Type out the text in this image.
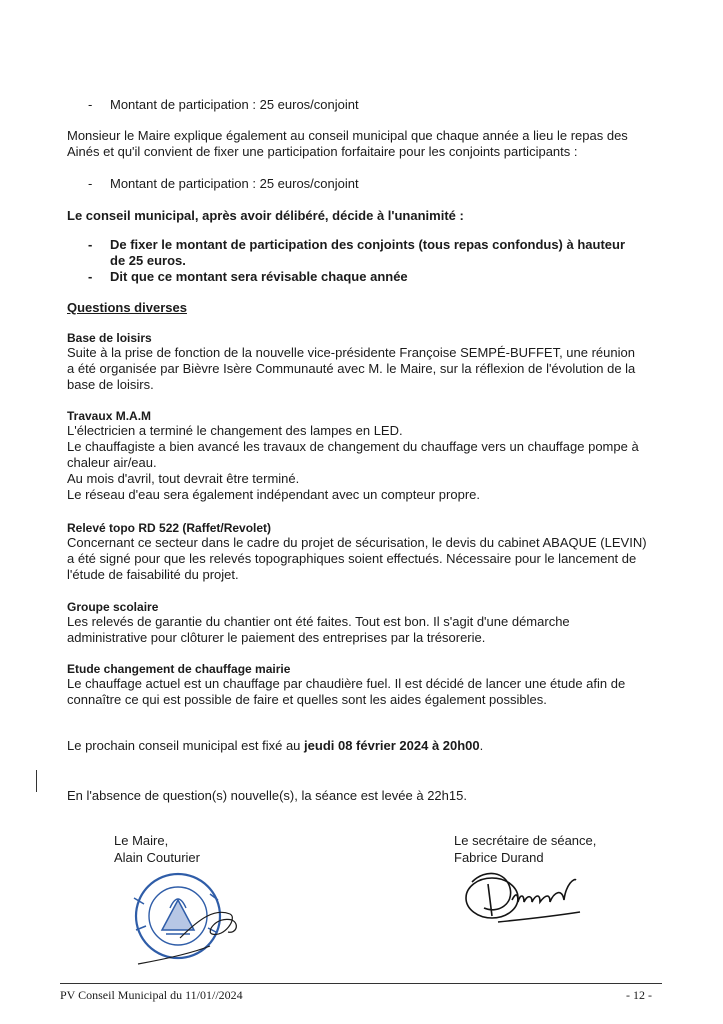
- Montant de participation : 25 euros/conjoint
Monsieur le Maire explique également au conseil municipal que chaque année a lieu le repas des
Ainés et qu'il convient de fixer une participation forfaitaire pour les conjoints participants :
- Montant de participation : 25 euros/conjoint
Le conseil municipal, après avoir délibéré, décide à l'unanimité :
- De fixer le montant de participation des conjoints (tous repas confondus) à hauteur
de 25 euros.
- Dit que ce montant sera révisable chaque année
Questions diverses
Base de loisirs
Suite à la prise de fonction de la nouvelle vice-présidente Françoise SEMPÉ-BUFFET, une réunion
a été organisée par Bièvre Isère Communauté avec M. le Maire, sur la réflexion de l'évolution de la
base de loisirs.
Travaux M.A.M
L'électricien a terminé le changement des lampes en LED.
Le chauffagiste a bien avancé les travaux de changement du chauffage vers un chauffage pompe à
chaleur air/eau.
Au mois d'avril, tout devrait être terminé.
Le réseau d'eau sera également indépendant avec un compteur propre.
Relevé topo RD 522 (Raffet/Revolet)
Concernant ce secteur dans le cadre du projet de sécurisation, le devis du cabinet ABAQUE (LEVIN)
a été signé pour que les relevés topographiques soient effectués. Nécessaire pour le lancement de
l'étude de faisabilité du projet.
Groupe scolaire
Les relevés de garantie du chantier ont été faites. Tout est bon. Il s'agit d'une démarche
administrative pour clôturer le paiement des entreprises par la trésorerie.
Etude changement de chauffage mairie
Le chauffage actuel est un chauffage par chaudière fuel. Il est décidé de lancer une étude afin de
connaître ce qui est possible de faire et quelles sont les aides également possibles.
Le prochain conseil municipal est fixé au jeudi 08 février 2024 à 20h00.
En l'absence de question(s) nouvelle(s), la séance est levée à 22h15.
Le Maire,
Alain Couturier
Le secrétaire de séance,
Fabrice Durand
PV Conseil Municipal du 11/01//2024	- 12 -
